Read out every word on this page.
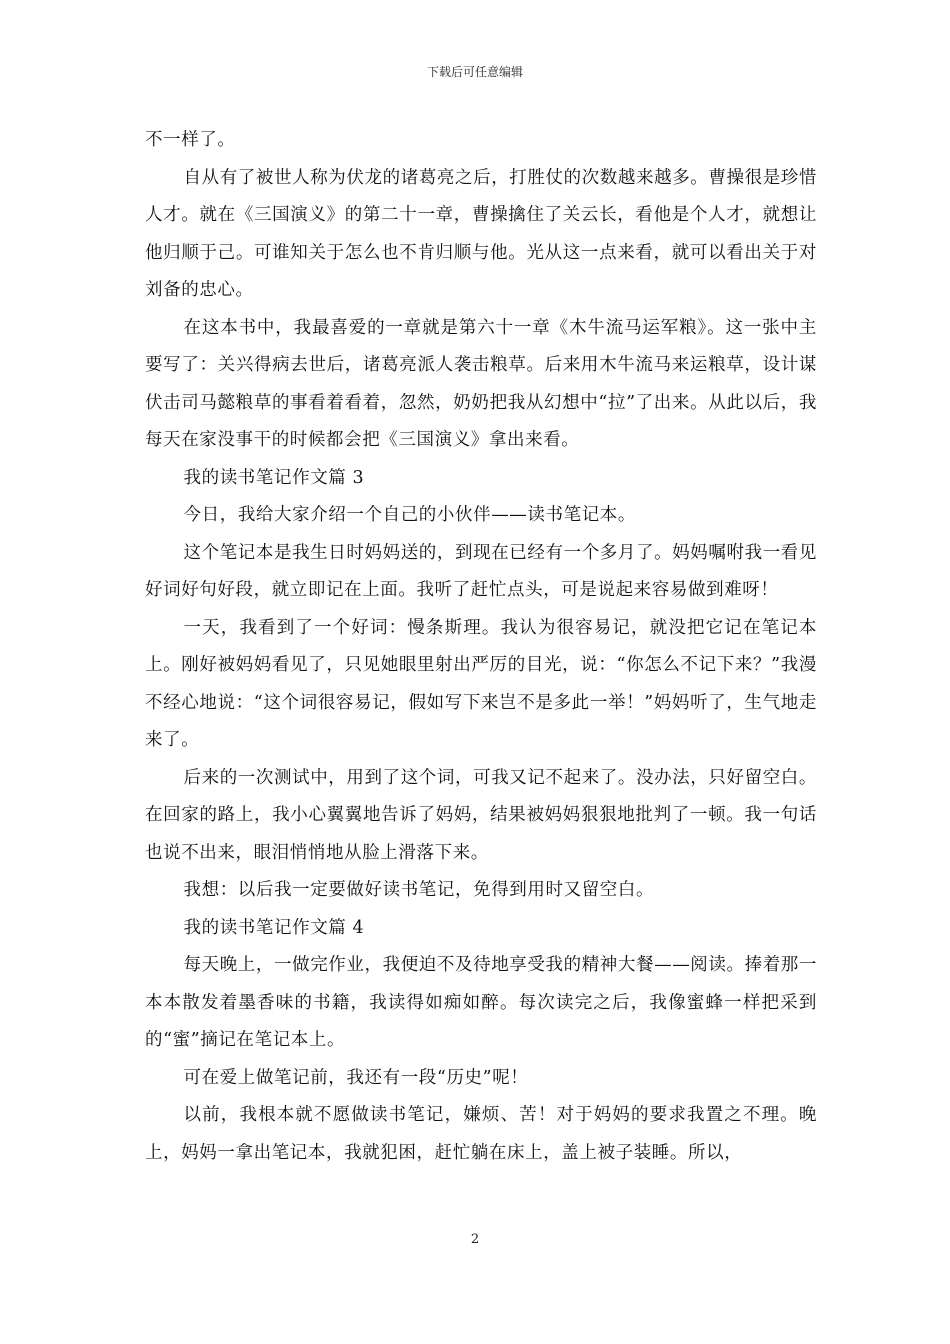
下载后可任意编辑

不一样了。

自从有了被世人称为伏龙的诸葛亮之后，打胜仗的次数越来越多。曹操很是珍惜人才。就在《三国演义》的第二十一章，曹操擒住了关云长，看他是个人才，就想让他归顺于己。可谁知关于怎么也不肯归顺与他。光从这一点来看，就可以看出关于对刘备的忠心。

在这本书中，我最喜爱的一章就是第六十一章《木牛流马运军粮》。这一张中主要写了：关兴得病去世后，诸葛亮派人袭击粮草。后来用木牛流马来运粮草，设计谋伏击司马懿粮草的事看着看着，忽然，奶奶把我从幻想中“拉”了出来。从此以后，我每天在家没事干的时候都会把《三国演义》拿出来看。

我的读书笔记作文篇 3

今日，我给大家介绍一个自己的小伙伴——读书笔记本。

这个笔记本是我生日时妈妈送的，到现在已经有一个多月了。妈妈嘱咐我一看见好词好句好段，就立即记在上面。我听了赶忙点头，可是说起来容易做到难呀！

一天，我看到了一个好词：慢条斯理。我认为很容易记，就没把它记在笔记本上。刚好被妈妈看见了，只见她眼里射出严厉的目光，说：“你怎么不记下来？”我漫不经心地说：“这个词很容易记，假如写下来岂不是多此一举！”妈妈听了，生气地走来了。

后来的一次测试中，用到了这个词，可我又记不起来了。没办法，只好留空白。在回家的路上，我小心翼翼地告诉了妈妈，结果被妈妈狠狠地批判了一顿。我一句话也说不出来，眼泪悄悄地从脸上滑落下来。

我想：以后我一定要做好读书笔记，免得到用时又留空白。

我的读书笔记作文篇 4

每天晚上，一做完作业，我便迫不及待地享受我的精神大餐——阅读。捧着那一本本散发着墨香味的书籍，我读得如痴如醉。每次读完之后，我像蜜蜂一样把采到的“蜜”摘记在笔记本上。

可在爱上做笔记前，我还有一段“历史”呢！

以前，我根本就不愿做读书笔记，嫌烦、苦！对于妈妈的要求我置之不理。晚上，妈妈一拿出笔记本，我就犯困，赶忙躺在床上，盖上被子装睡。所以，

2
